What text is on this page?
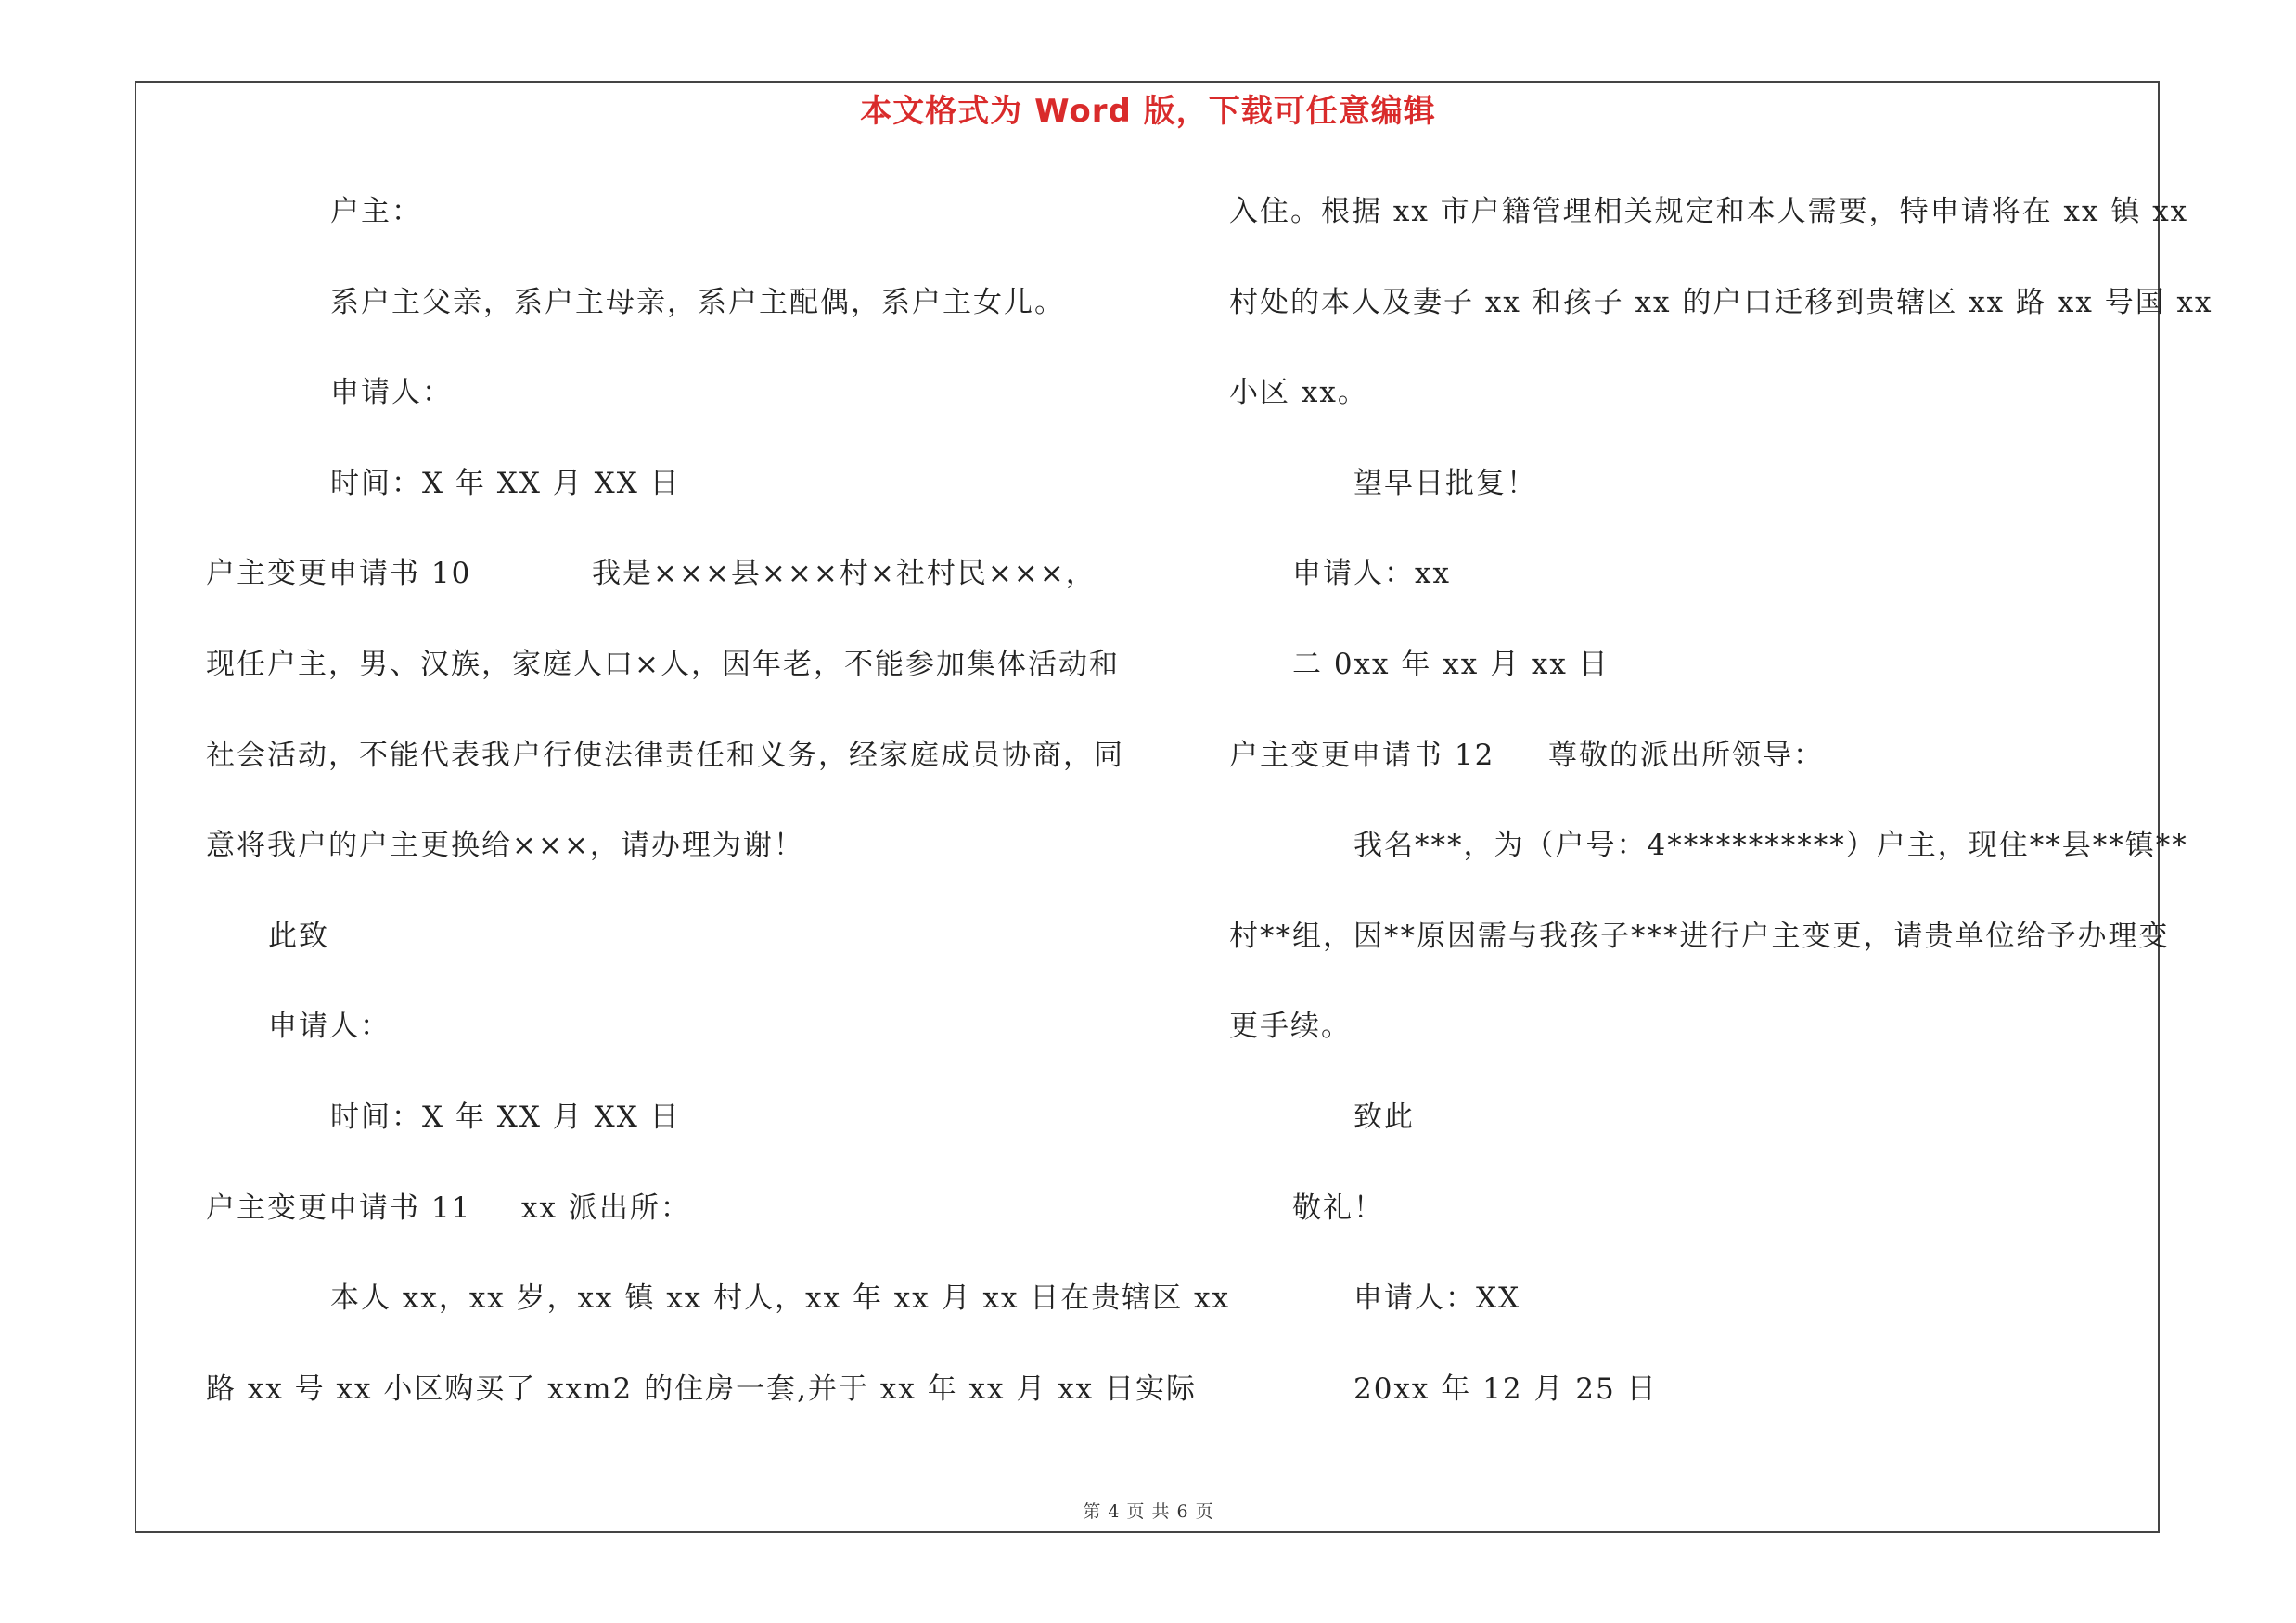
本文格式为 Word 版，下载可任意编辑
户主：
系户主父亲，系户主母亲，系户主配偶，系户主女儿。
申请人：
时间：X 年 XX 月 XX 日
户主变更申请书 10	我是×××县×××村×社村民×××，
现任户主，男、汉族，家庭人口×人，因年老，不能参加集体活动和
社会活动，不能代表我户行使法律责任和义务，经家庭成员协商，同
意将我户的户主更换给×××，请办理为谢！
此致
申请人：
时间：X 年 XX 月 XX 日
户主变更申请书 11 xx 派出所：
本人 xx，xx 岁，xx 镇 xx 村人，xx 年 xx 月 xx 日在贵辖区 xx
路 xx 号 xx 小区购买了 xxm2 的住房一套,并于 xx 年 xx 月 xx 日实际
入住。根据 xx 市户籍管理相关规定和本人需要，特申请将在 xx 镇 xx
村处的本人及妻子 xx 和孩子 xx 的户口迁移到贵辖区 xx 路 xx 号国 xx
小区 xx。
望早日批复！
申请人：xx
二 0xx 年 xx 月 xx 日
户主变更申请书 12 尊敬的派出所领导：
我名***，为（户号：4***********）户主，现住**县**镇**
村**组，因**原因需与我孩子***进行户主变更，请贵单位给予办理变
更手续。
致此
敬礼！
申请人：XX
20xx 年 12 月 25 日
第 4 页 共 6 页
